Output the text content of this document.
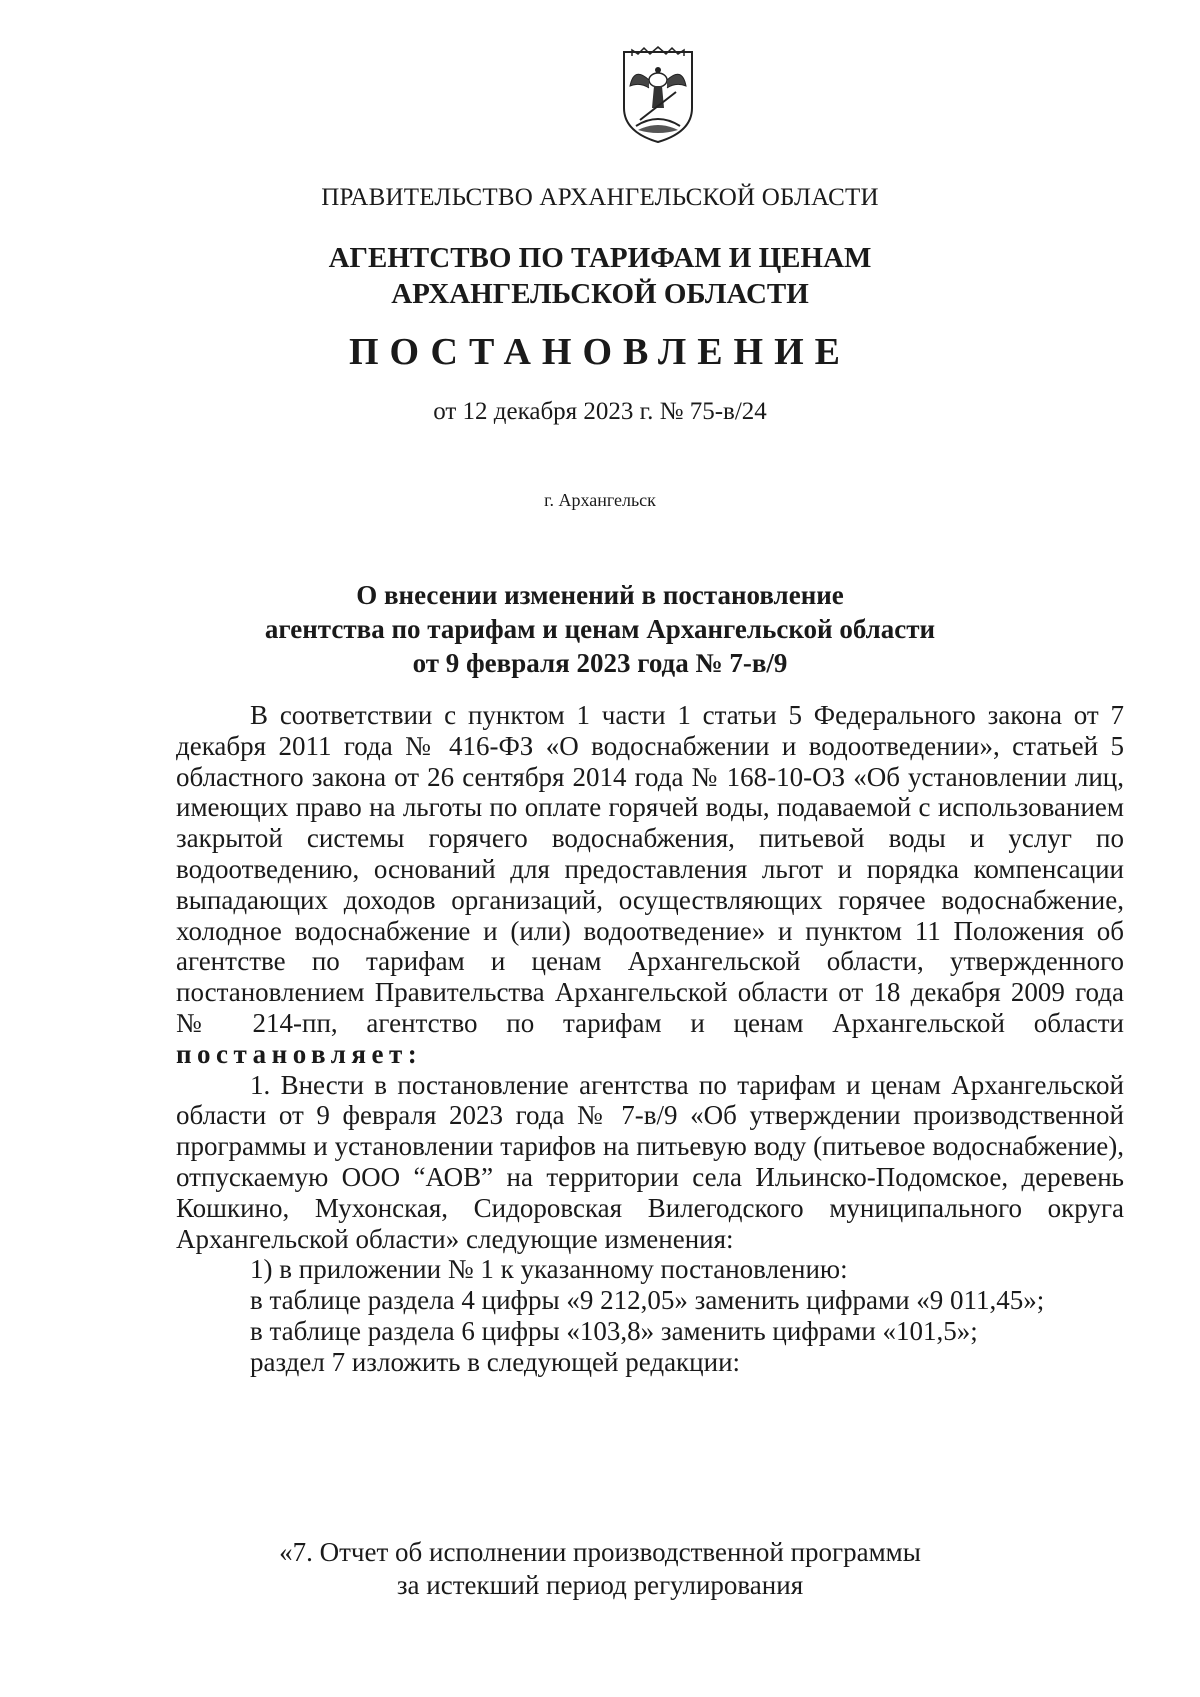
ПРАВИТЕЛЬСТВО АРХАНГЕЛЬСКОЙ ОБЛАСТИ
АГЕНТСТВО ПО ТАРИФАМ И ЦЕНАМ
АРХАНГЕЛЬСКОЙ ОБЛАСТИ
ПОСТАНОВЛЕНИЕ
от 12 декабря 2023 г. № 75-в/24
г. Архангельск
О внесении изменений в постановление
агентства по тарифам и ценам Архангельской области
от 9 февраля 2023 года № 7-в/9

В соответствии с пунктом 1 части 1 статьи 5 Федерального закона от 7 декабря 2011 года № 416-ФЗ «О водоснабжении и водоотведении», статьей 5 областного закона от 26 сентября 2014 года № 168-10-ОЗ «Об установлении лиц, имеющих право на льготы по оплате горячей воды, подаваемой с использованием закрытой системы горячего водоснабжения, питьевой воды и услуг по водоотведению, оснований для предоставления льгот и порядка компенсации выпадающих доходов организаций, осуществляющих горячее водоснабжение, холодное водоснабжение и (или) водоотведение» и пунктом 11 Положения об агентстве по тарифам и ценам Архангельской области, утвержденного постановлением Правительства Архангельской области от 18 декабря 2009 года № 214-пп, агентство по тарифам и ценам Архангельской области постановляет:

1. Внести в постановление агентства по тарифам и ценам Архангельской области от 9 февраля 2023 года № 7-в/9 «Об утверждении производственной программы и установлении тарифов на питьевую воду (питьевое водоснабжение), отпускаемую ООО “АОВ” на территории села Ильинско-Подомское, деревень Кошкино, Мухонская, Сидоровская Вилегодского муниципального округа Архангельской области» следующие изменения:

1) в приложении № 1 к указанному постановлению:

в таблице раздела 4 цифры «9 212,05» заменить цифрами «9 011,45»;

в таблице раздела 6 цифры «103,8» заменить цифрами «101,5»;

раздел 7 изложить в следующей редакции:

«7. Отчет об исполнении производственной программы
за истекший период регулирования
